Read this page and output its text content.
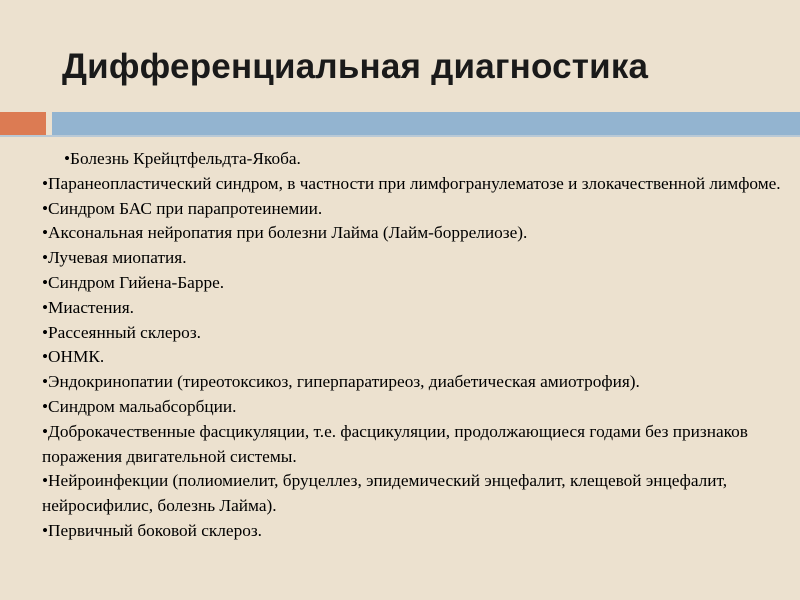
Дифференциальная диагностика
•Болезнь Крейцтфельдта-Якоба.
•Паранеопластический синдром, в частности при лимфогранулематозе и злокачественной лимфоме.
•Синдром БАС при парапротеинемии.
•Аксональная нейропатия при болезни Лайма (Лайм-боррелиозе).
•Лучевая миопатия.
•Синдром Гийена-Барре.
•Миастения.
•Рассеянный склероз.
•ОНМК.
•Эндокринопатии (тиреотоксикоз, гиперпаратиреоз, диабетическая амиотрофия).
•Синдром мальабсорбции.
•Доброкачественные фасцикуляции, т.е. фасцикуляции, продолжающиеся годами без признаков поражения двигательной системы.
•Нейроинфекции (полиомиелит, бруцеллез, эпидемический энцефалит, клещевой энцефалит, нейросифилис, болезнь Лайма).
•Первичный боковой склероз.
